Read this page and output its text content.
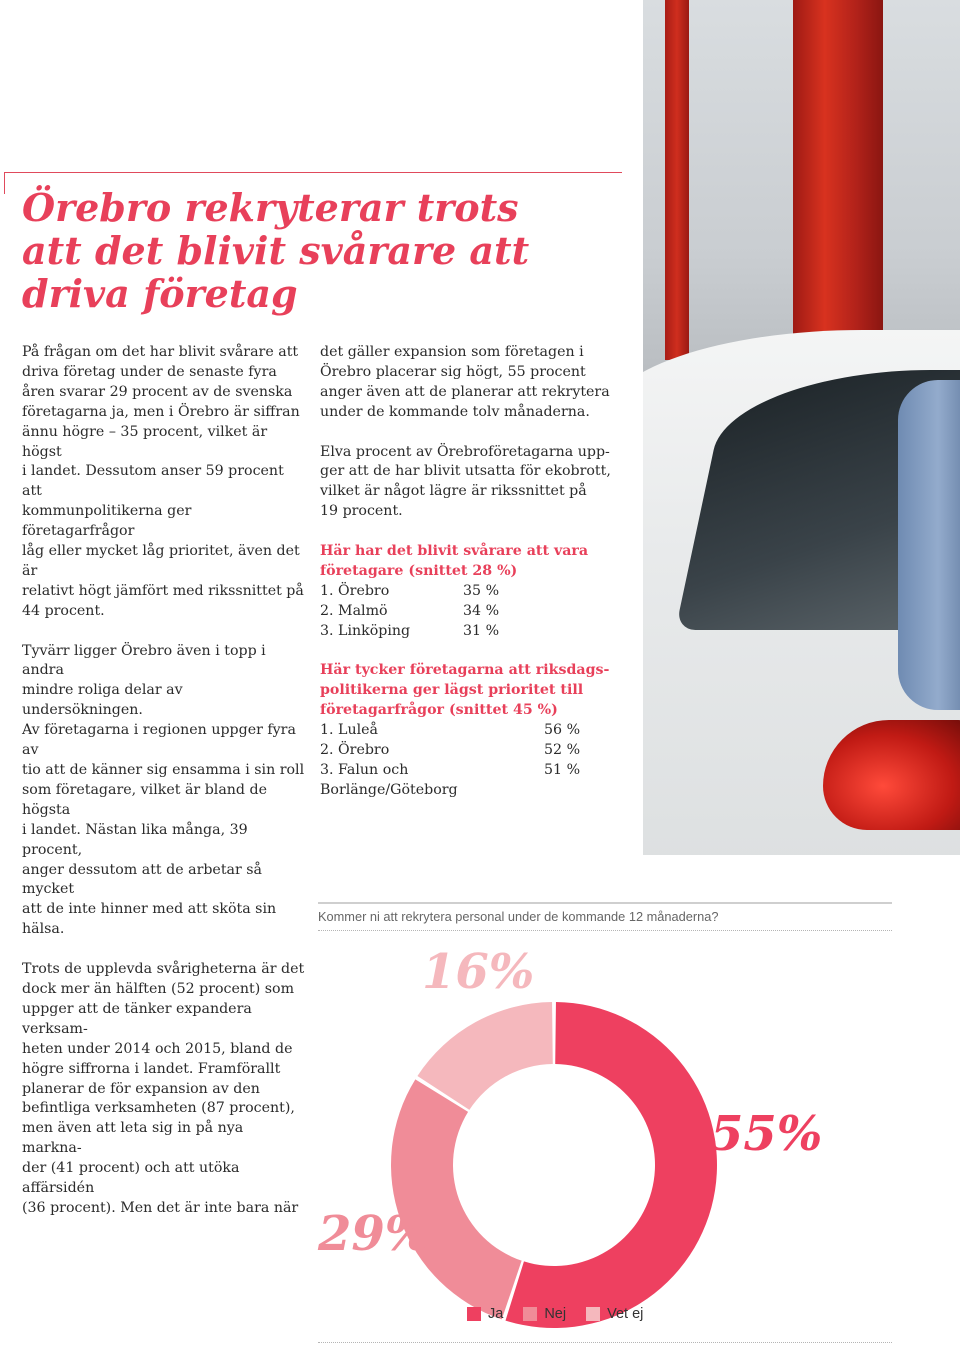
Örebro rekryterar trots
att det blivit svårare att
driva företag

På frågan om det har blivit svårare att
driva företag under de senaste fyra
åren svarar 29 procent av de svenska
företagarna ja, men i Örebro är siffran
ännu högre – 35 procent, vilket är högst
i landet. Dessutom anser 59 procent att
kommunpolitikerna ger företagarfrågor
låg eller mycket låg prioritet, även det är
relativt högt jämfört med rikssnittet på
44 procent.

Tyvärr ligger Örebro även i topp i andra
mindre roliga delar av undersökningen.
Av företagarna i regionen uppger fyra av
tio att de känner sig ensamma i sin roll
som företagare, vilket är bland de högsta
i landet. Nästan lika många, 39 procent,
anger dessutom att de arbetar så mycket
att de inte hinner med att sköta sin hälsa.

Trots de upplevda svårigheterna är det
dock mer än hälften (52 procent) som
uppger att de tänker expandera verksam-
heten under 2014 och 2015, bland de
högre siffrorna i landet. Framförallt
planerar de för expansion av den
befintliga verksamheten (87 procent),
men även att leta sig in på nya markna-
der (41 procent) och att utöka affärsidén
(36 procent). Men det är inte bara när

det gäller expansion som företagen i
Örebro placerar sig högt, 55 procent
anger även att de planerar att rekrytera
under de kommande tolv månaderna.

Elva procent av Örebroföretagarna upp-
ger att de har blivit utsatta för ekobrott,
vilket är något lägre är rikssnittet på
19 procent.

Här har det blivit svårare att vara
företagare (snittet 28 %)
1. Örebro	35 %
2. Malmö	34 %
3. Linköping	31 %
Här tycker företagarna att riksdags-
politikerna ger lägst prioritet till
företagarfrågor (snittet 45 %)
1. Luleå	56 %
2. Örebro	52 %
3. Falun och Borlänge/Göteborg
51 %
Kommer ni att rekrytera personal under de kommande 12 månaderna?
55%
29%
16%
Ja	Nej	Vet ej
